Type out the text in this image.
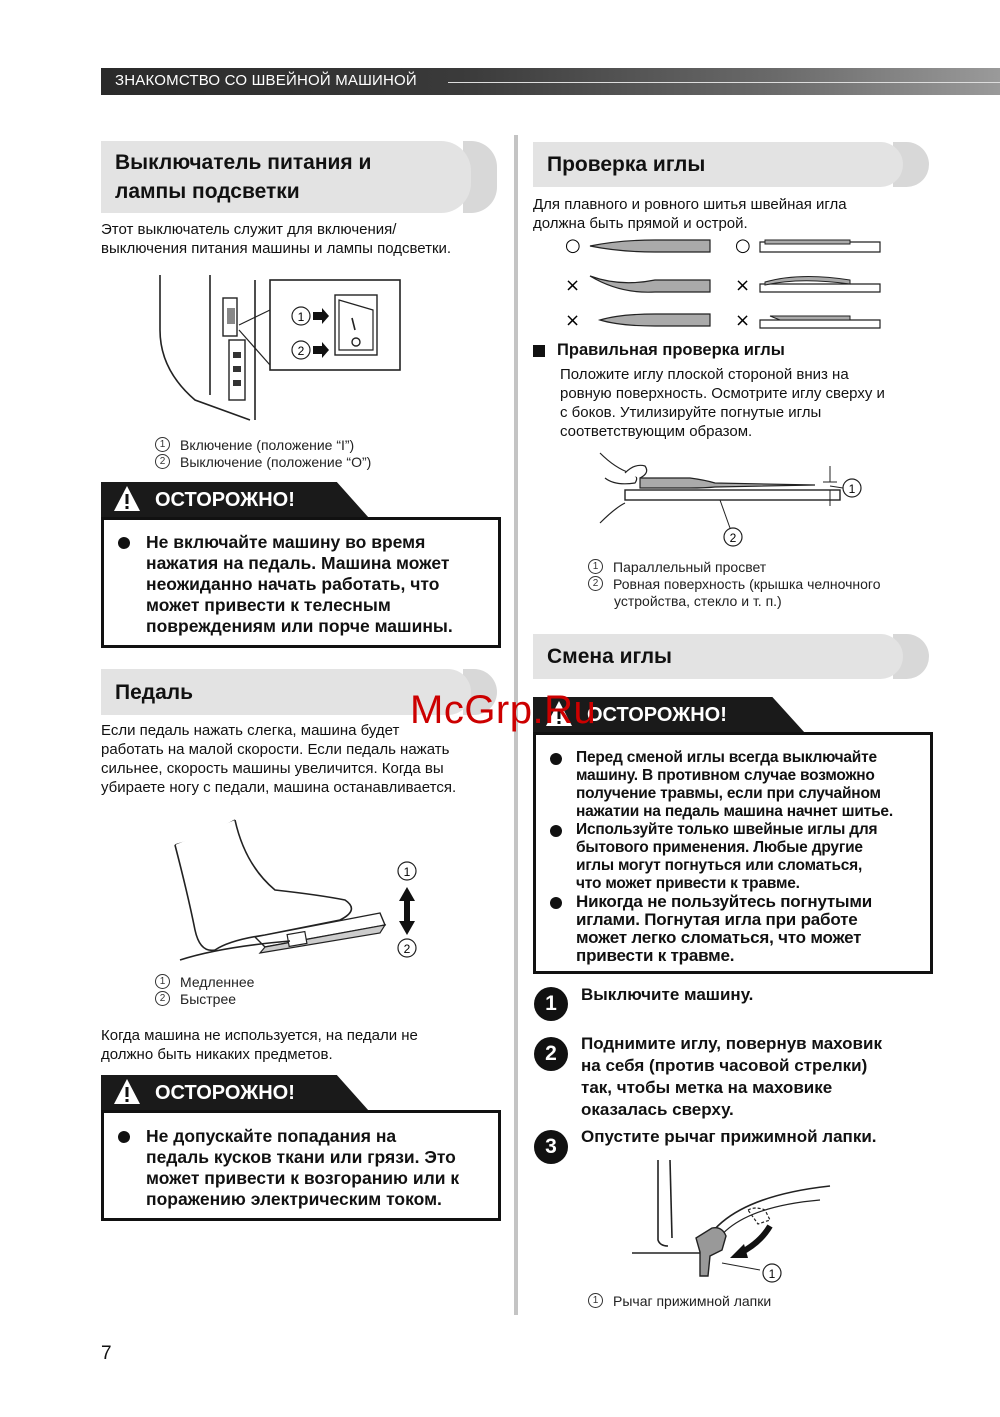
ЗНАКОМСТВО СО ШВЕЙНОЙ МАШИНОЙ
Выключатель питания и
лампы подсветки
Этот выключатель служит для включения/
выключения питания машины и лампы подсветки.
1
2
1	Включение (положение “I”)
2	Выключение (положение “O”)
ОСТОРОЖНО!
Не включайте машину во время
нажатия на педаль. Машина может
неожиданно начать работать, что
может привести к телесным
повреждениям или порче машины.
Педаль
Если педаль нажать слегка, машина будет
работать на малой скорости. Если педаль нажать
сильнее, скорость машины увеличится. Когда вы
убираете ногу с педали, машина останавливается.
1
2
1	Медленнее
2	Быстрее
Когда машина не используется, на педали не
должно быть никаких предметов.
ОСТОРОЖНО!
Не допускайте попадания на
педаль кусков ткани или грязи. Это
может привести к возгоранию или к
поражению электрическим током.
Проверка иглы
Для плавного и ровного шитья швейная игла
должна быть прямой и острой.
○	○
×	×
×	×
Правильная проверка иглы
Положите иглу плоской стороной вниз на
ровную поверхность. Осмотрите иглу сверху и
с боков. Утилизируйте погнутые иглы
соответствующим образом.
1
2
1	Параллельный просвет
2	Ровная поверхность (крышка челночного
устройства, стекло и т. п.)
Смена иглы
ОСТОРОЖНО!
Перед сменой иглы всегда выключайте
машину. В противном случае возможно
получение травмы, если при случайном
нажатии на педаль машина начнет шитье.
Используйте только швейные иглы для
бытового применения. Любые другие
иглы могут погнуться или сломаться,
что может привести к травме.
Никогда не пользуйтесь погнутыми
иглами. Погнутая игла при работе
может легко сломаться, что может
привести к травме.
McGrp.Ru
1	Выключите машину.
2	Поднимите иглу, повернув маховик
на себя (против часовой стрелки)
так, чтобы метка на маховике
оказалась сверху.
3	Опустите рычаг прижимной лапки.
1
1	Рычаг прижимной лапки
7
